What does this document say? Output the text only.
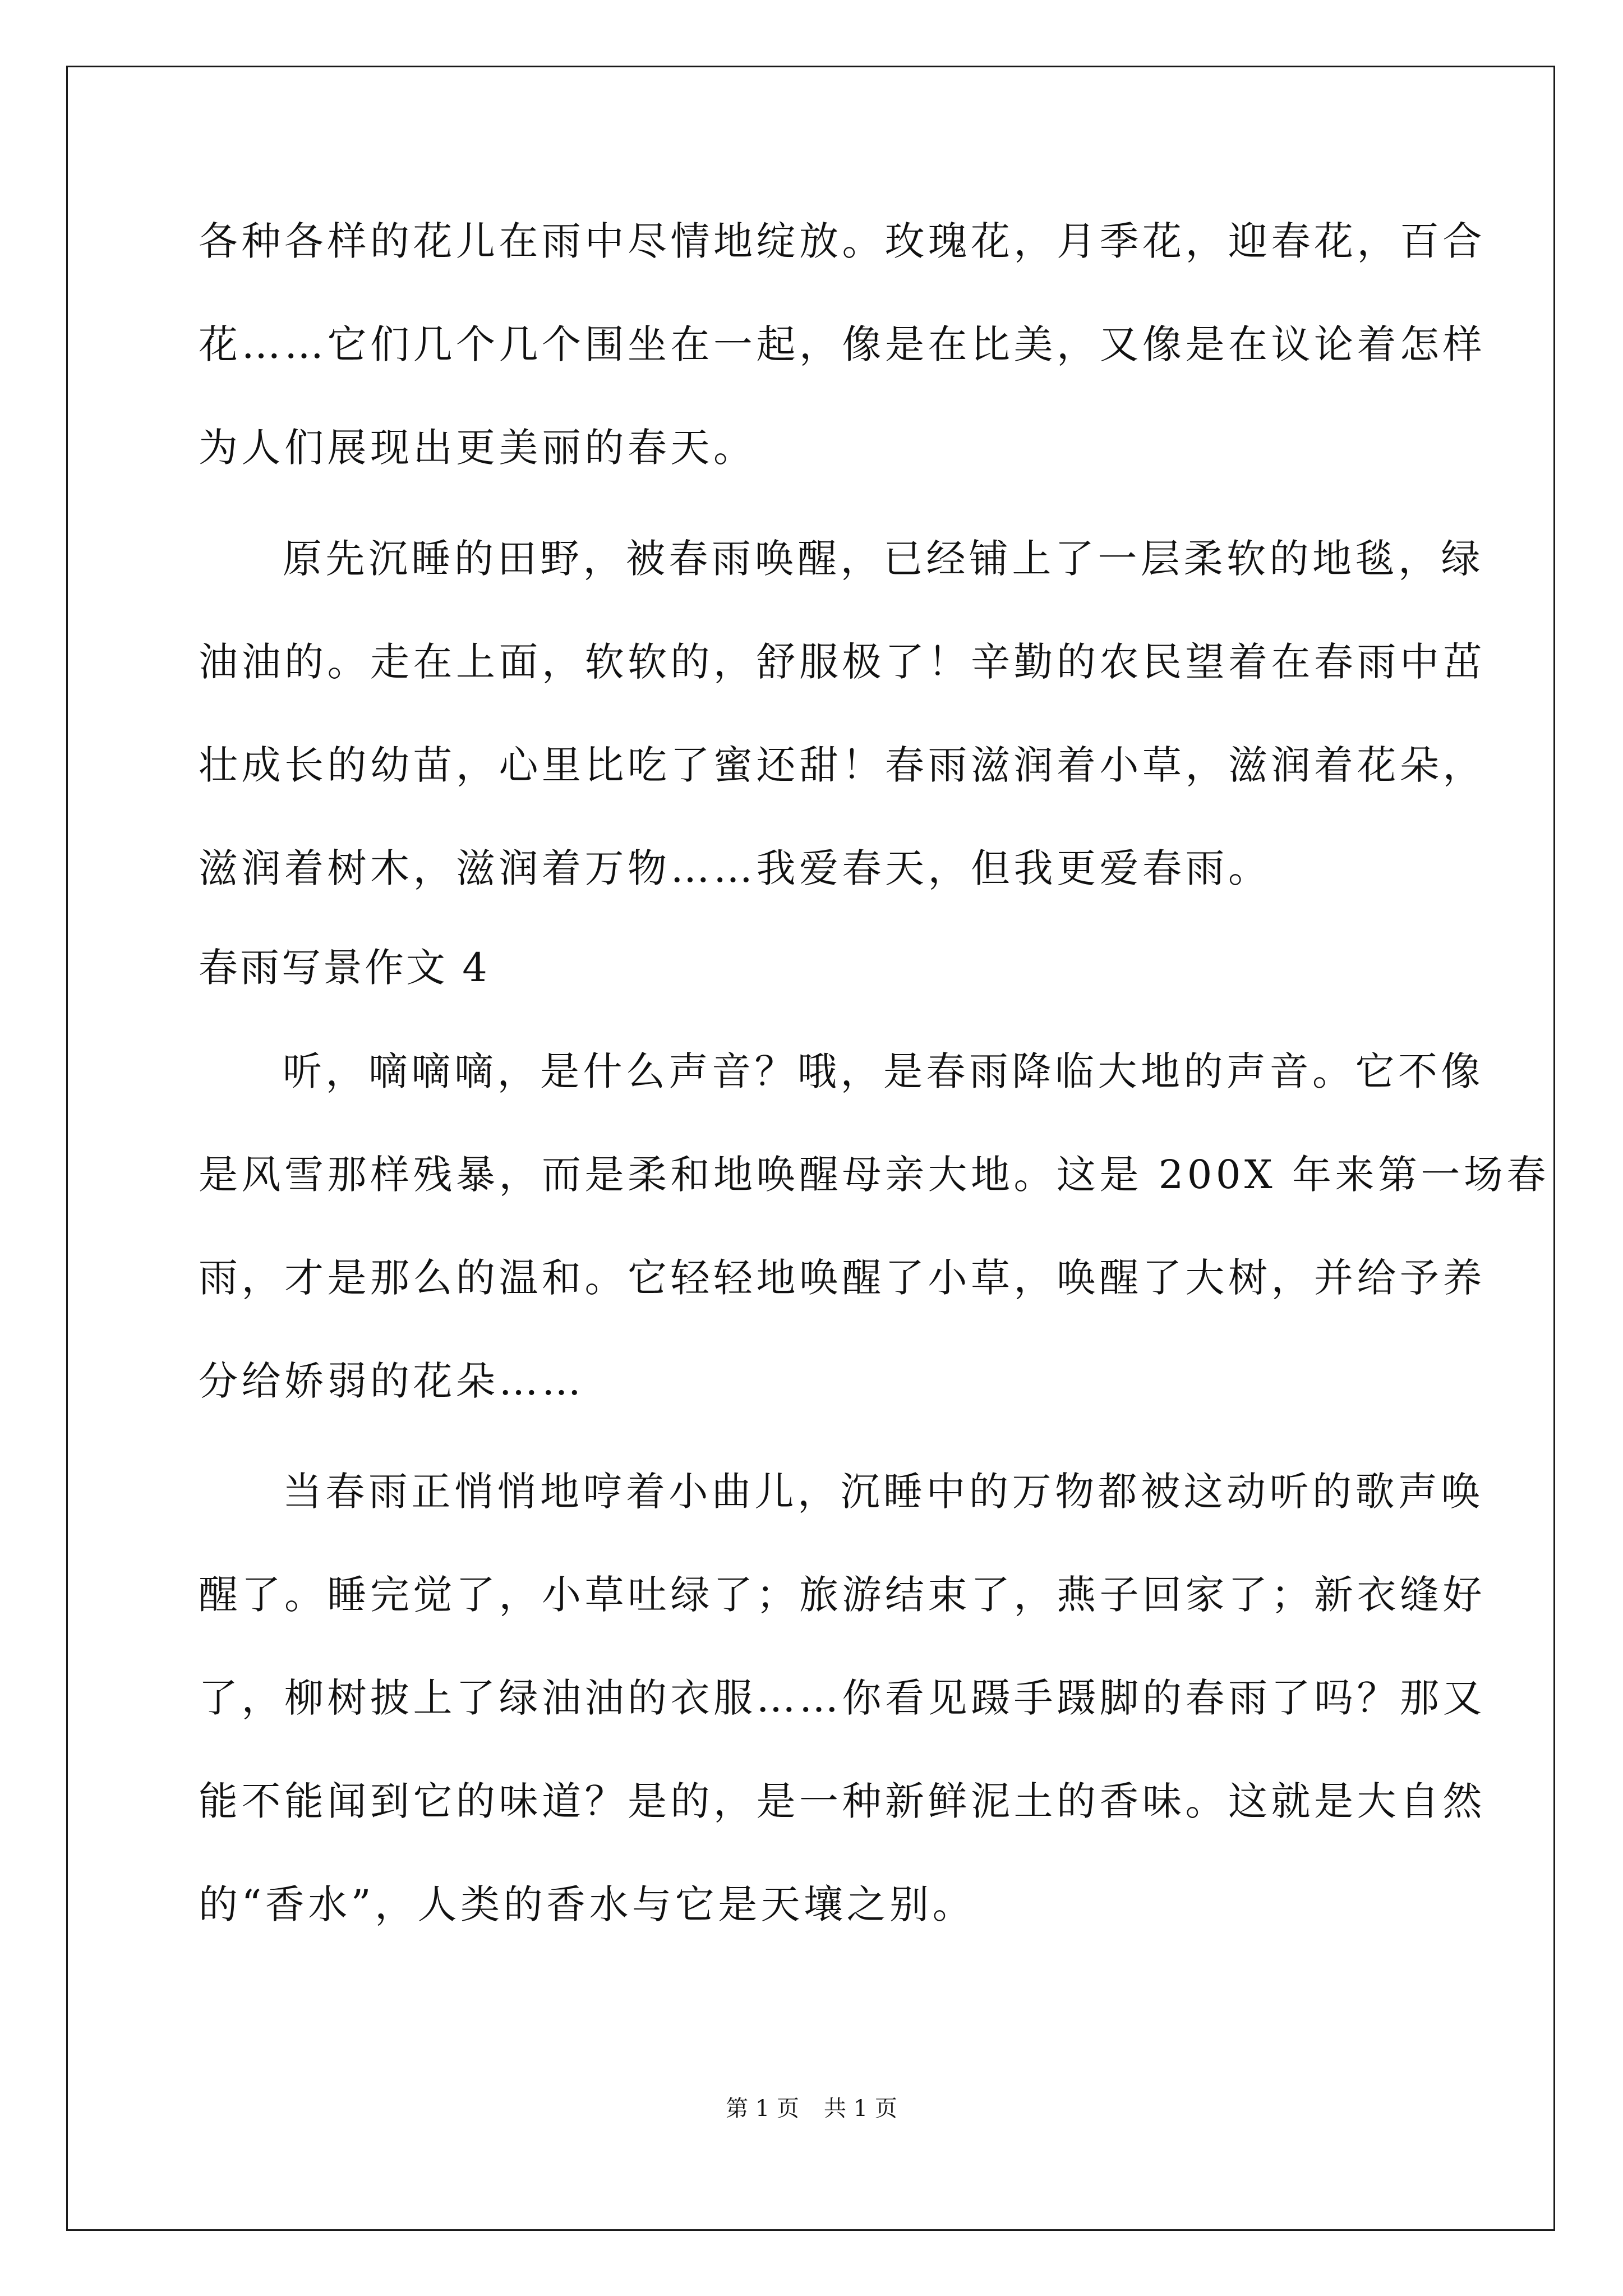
各种各样的花儿在雨中尽情地绽放。玫瑰花，月季花，迎春花，百合
花……它们几个几个围坐在一起，像是在比美，又像是在议论着怎样
为人们展现出更美丽的春天。
原先沉睡的田野，被春雨唤醒，已经铺上了一层柔软的地毯，绿
油油的。走在上面，软软的，舒服极了！辛勤的农民望着在春雨中茁
壮成长的幼苗，心里比吃了蜜还甜！春雨滋润着小草，滋润着花朵，
滋润着树木，滋润着万物……我爱春天，但我更爱春雨。
春雨写景作文 4
听，嘀嘀嘀，是什么声音？哦，是春雨降临大地的声音。它不像
是风雪那样残暴，而是柔和地唤醒母亲大地。这是 200X 年来第一场春
雨，才是那么的温和。它轻轻地唤醒了小草，唤醒了大树，并给予养
分给娇弱的花朵……
当春雨正悄悄地哼着小曲儿，沉睡中的万物都被这动听的歌声唤
醒了。睡完觉了，小草吐绿了；旅游结束了，燕子回家了；新衣缝好
了，柳树披上了绿油油的衣服……你看见蹑手蹑脚的春雨了吗？那又
能不能闻到它的味道？是的，是一种新鲜泥土的香味。这就是大自然
的“香水”，人类的香水与它是天壤之别。
第 1 页 共 1 页
